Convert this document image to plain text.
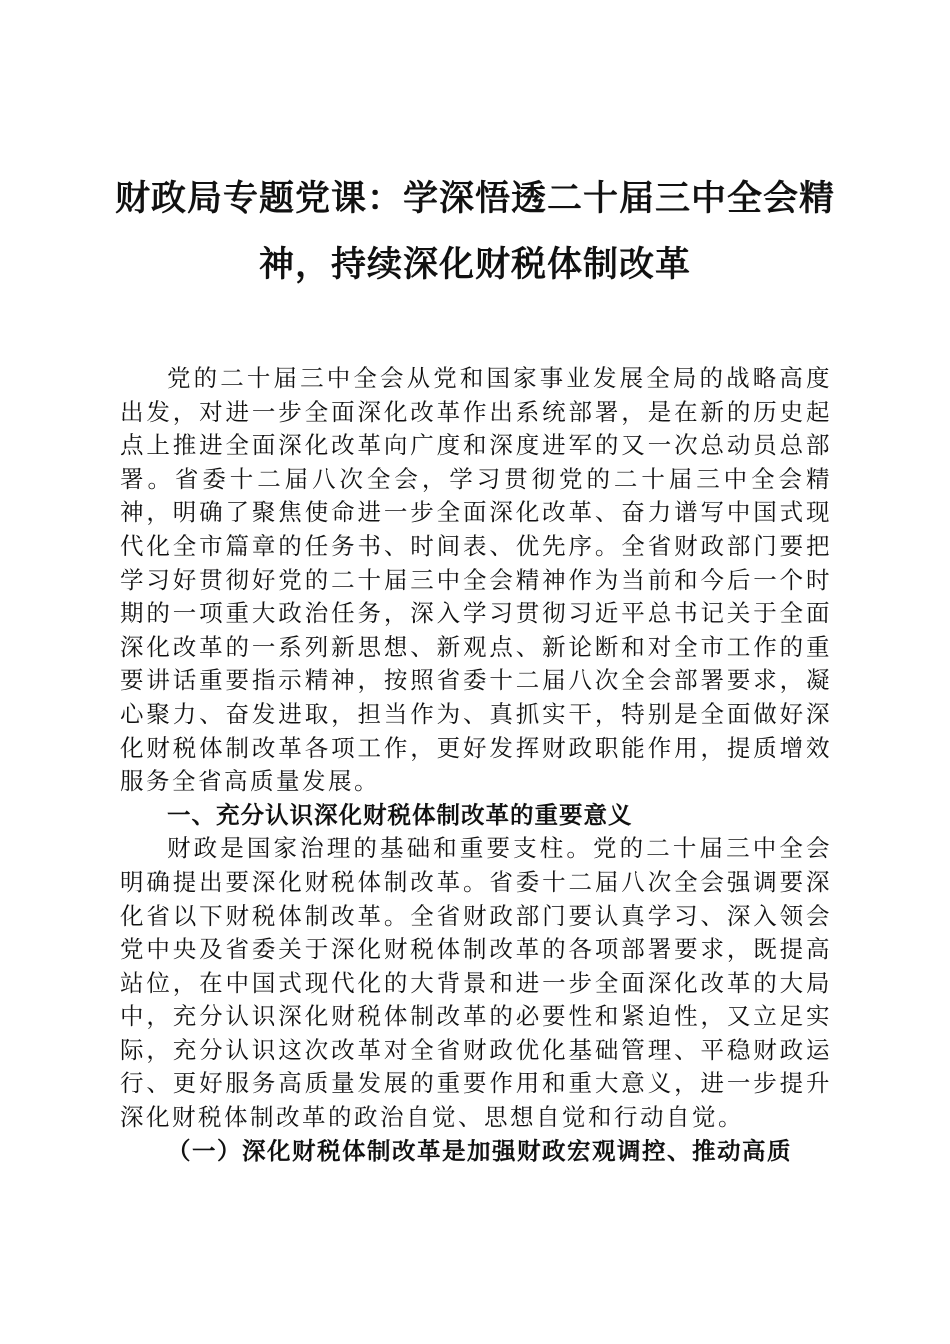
财政局专题党课：学深悟透二十届三中全会精神，持续深化财税体制改革

党的二十届三中全会从党和国家事业发展全局的战略高度出发，对进一步全面深化改革作出系统部署，是在新的历史起点上推进全面深化改革向广度和深度进军的又一次总动员总部署。省委十二届八次全会，学习贯彻党的二十届三中全会精神，明确了聚焦使命进一步全面深化改革、奋力谱写中国式现代化全市篇章的任务书、时间表、优先序。全省财政部门要把学习好贯彻好党的二十届三中全会精神作为当前和今后一个时期的一项重大政治任务，深入学习贯彻习近平总书记关于全面深化改革的一系列新思想、新观点、新论断和对全市工作的重要讲话重要指示精神，按照省委十二届八次全会部署要求，凝心聚力、奋发进取，担当作为、真抓实干，特别是全面做好深化财税体制改革各项工作，更好发挥财政职能作用，提质增效服务全省高质量发展。

一、充分认识深化财税体制改革的重要意义

财政是国家治理的基础和重要支柱。党的二十届三中全会明确提出要深化财税体制改革。省委十二届八次全会强调要深化省以下财税体制改革。全省财政部门要认真学习、深入领会党中央及省委关于深化财税体制改革的各项部署要求，既提高站位，在中国式现代化的大背景和进一步全面深化改革的大局中，充分认识深化财税体制改革的必要性和紧迫性，又立足实际，充分认识这次改革对全省财政优化基础管理、平稳财政运行、更好服务高质量发展的重要作用和重大意义，进一步提升深化财税体制改革的政治自觉、思想自觉和行动自觉。

（一）深化财税体制改革是加强财政宏观调控、推动高质
